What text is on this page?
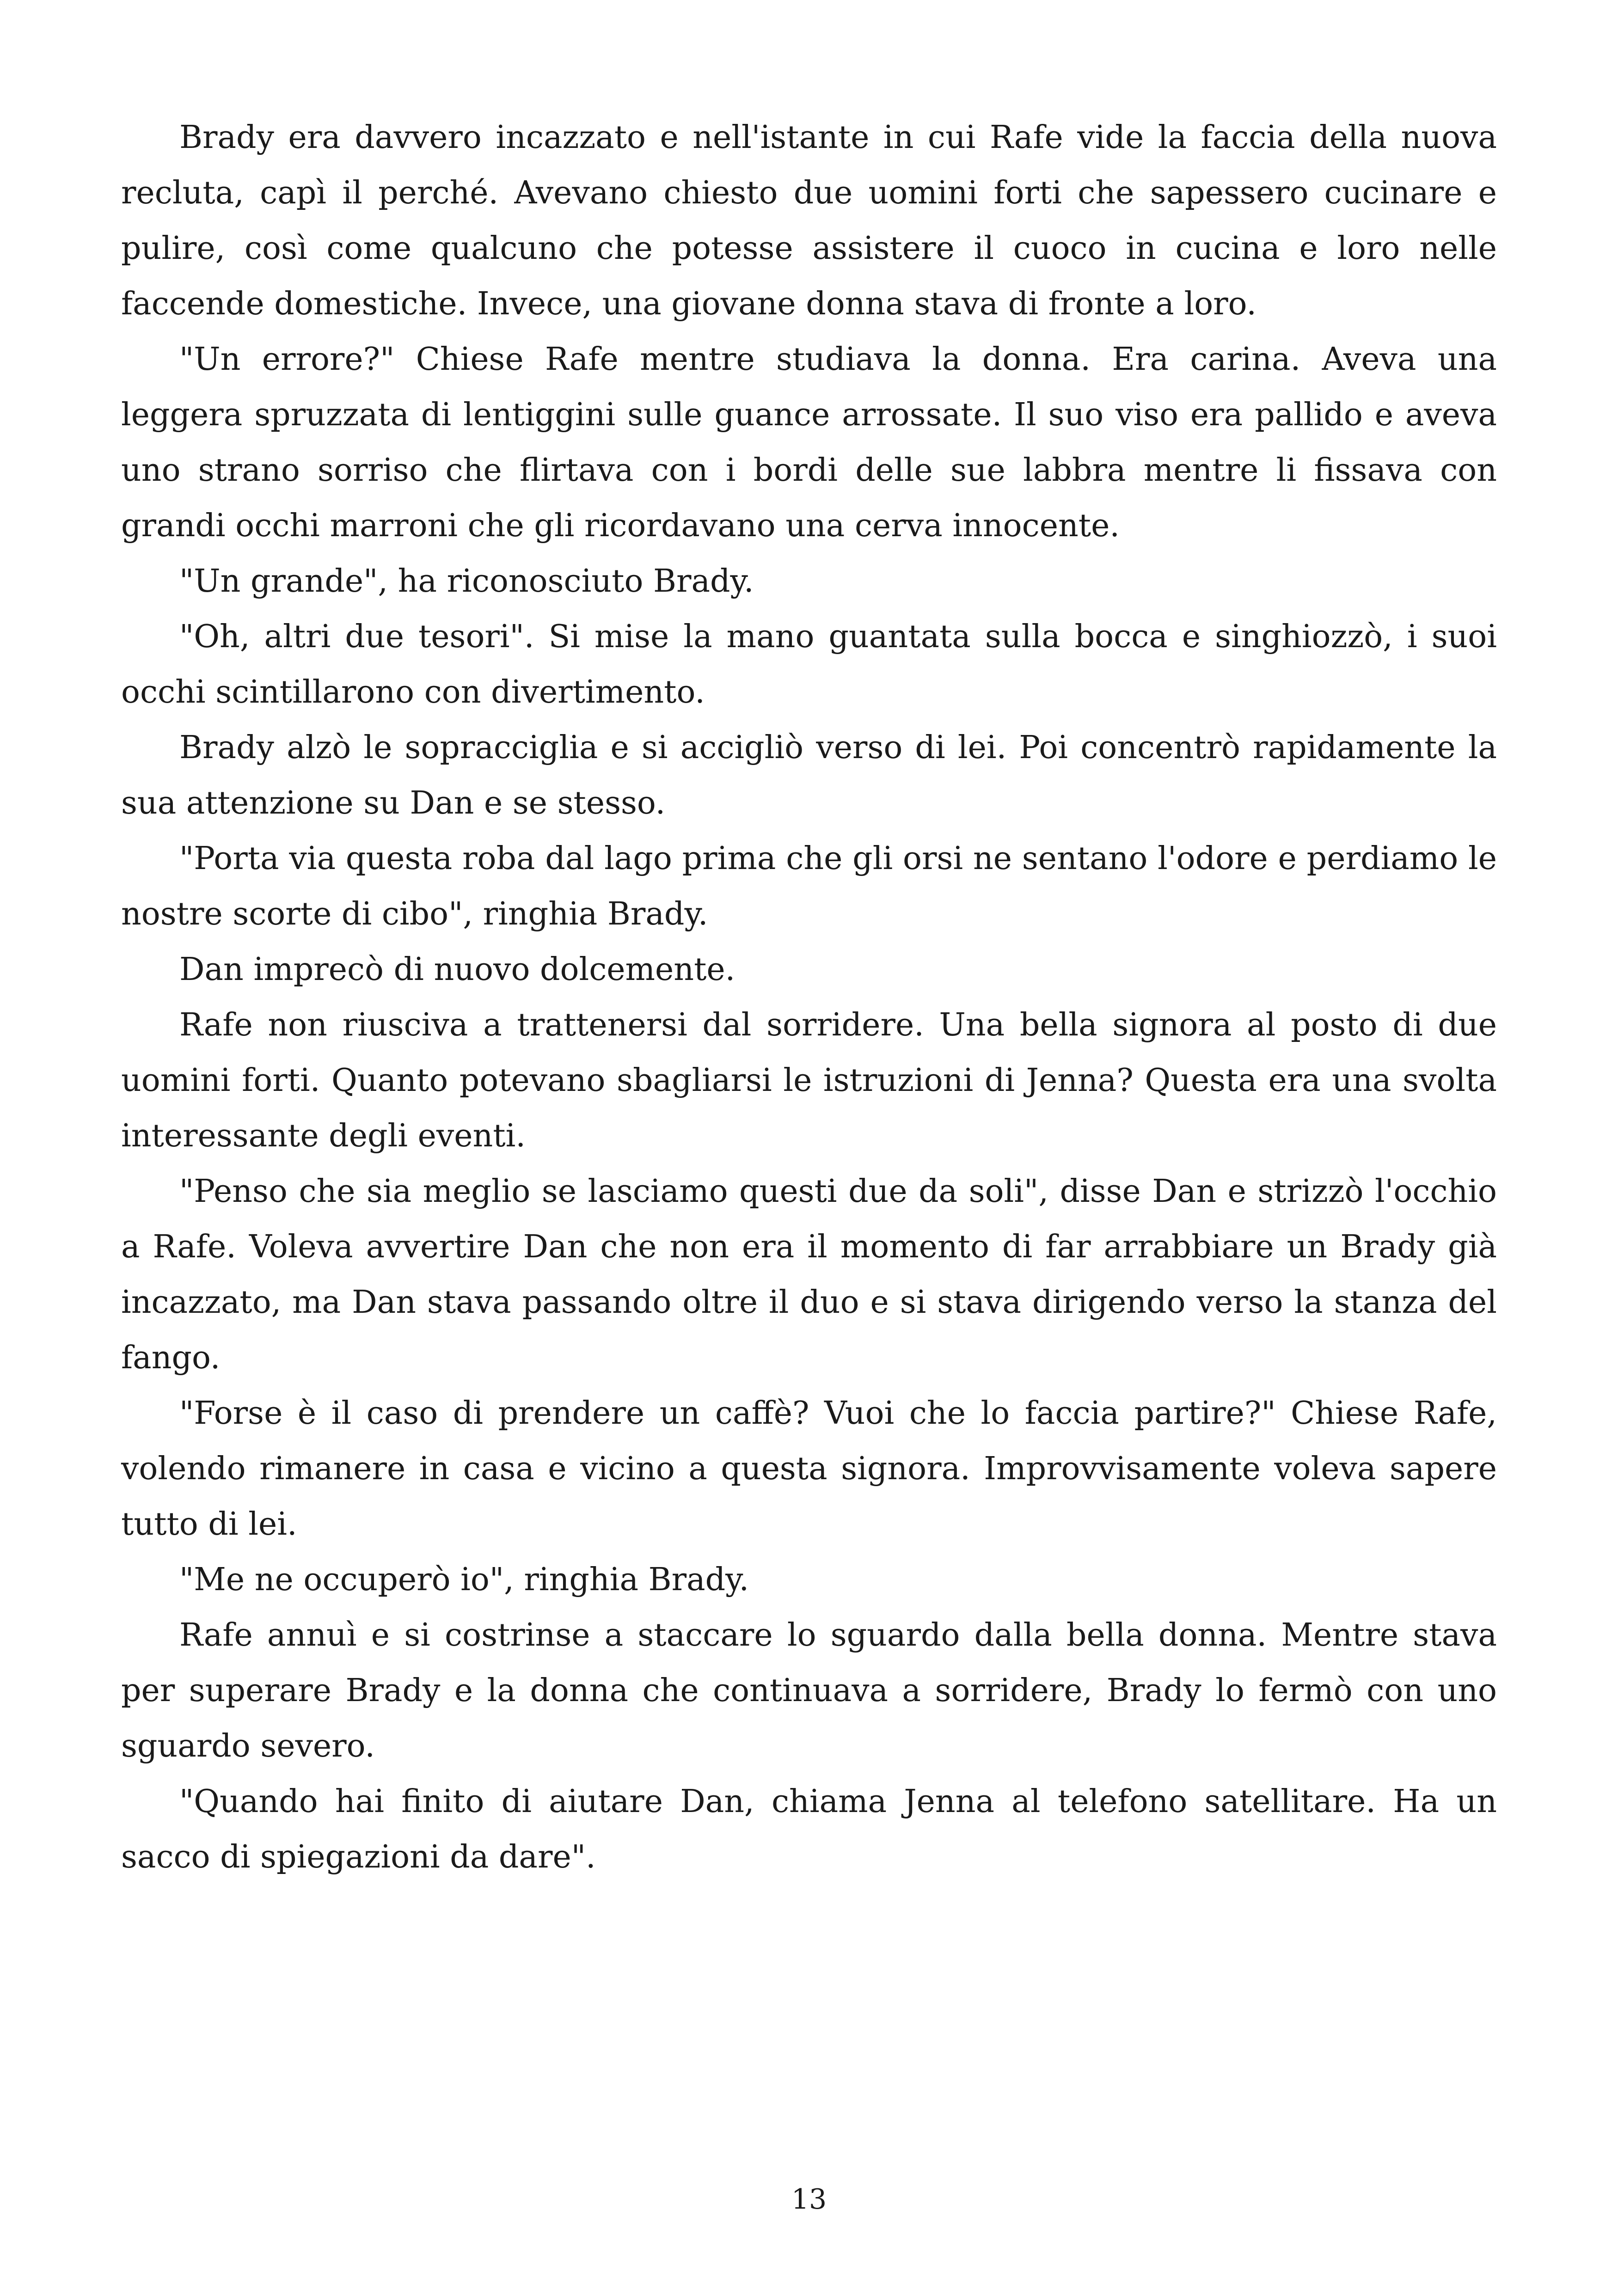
Brady era davvero incazzato e nell'istante in cui Rafe vide la faccia della nuova recluta, capì il perché. Avevano chiesto due uomini forti che sapessero cucinare e pulire, così come qualcuno che potesse assistere il cuoco in cucina e loro nelle faccende domestiche. Invece, una giovane donna stava di fronte a loro.

"Un errore?" Chiese Rafe mentre studiava la donna. Era carina. Aveva una leggera spruzzata di lentiggini sulle guance arrossate. Il suo viso era pallido e aveva uno strano sorriso che flirtava con i bordi delle sue labbra mentre li fissava con grandi occhi marroni che gli ricordavano una cerva innocente.

"Un grande", ha riconosciuto Brady.

"Oh, altri due tesori". Si mise la mano guantata sulla bocca e singhiozzò, i suoi occhi scintillarono con divertimento.

Brady alzò le sopracciglia e si accigliò verso di lei. Poi concentrò rapidamente la sua attenzione su Dan e se stesso.

"Porta via questa roba dal lago prima che gli orsi ne sentano l'odore e perdiamo le nostre scorte di cibo", ringhia Brady.

Dan imprecò di nuovo dolcemente.

Rafe non riusciva a trattenersi dal sorridere. Una bella signora al posto di due uomini forti. Quanto potevano sbagliarsi le istruzioni di Jenna? Questa era una svolta interessante degli eventi.

"Penso che sia meglio se lasciamo questi due da soli", disse Dan e strizzò l'occhio a Rafe. Voleva avvertire Dan che non era il momento di far arrabbiare un Brady già incazzato, ma Dan stava passando oltre il duo e si stava dirigendo verso la stanza del fango.

"Forse è il caso di prendere un caffè? Vuoi che lo faccia partire?" Chiese Rafe, volendo rimanere in casa e vicino a questa signora. Improvvisamente voleva sapere tutto di lei.

"Me ne occuperò io", ringhia Brady.

Rafe annuì e si costrinse a staccare lo sguardo dalla bella donna. Mentre stava per superare Brady e la donna che continuava a sorridere, Brady lo fermò con uno sguardo severo.

"Quando hai finito di aiutare Dan, chiama Jenna al telefono satellitare. Ha un sacco di spiegazioni da dare".

13
